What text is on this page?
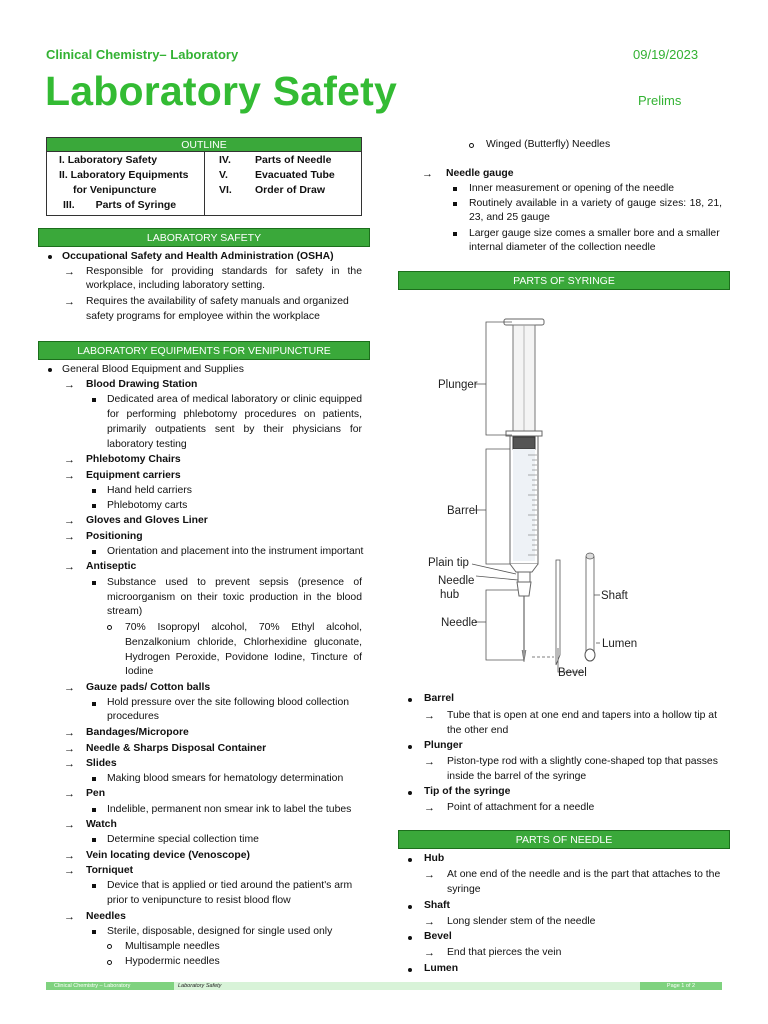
Clinical Chemistry– Laboratory
Laboratory Safety
09/19/2023
Prelims
OUTLINE
I. Laboratory Safety
II. Laboratory Equipments
for Venipuncture
III. Parts of Syringe
IV. Parts of Needle
V.	Evacuated Tube
VI. Order of Draw
LABORATORY SAFETY
LABORATORY EQUIPMENTS FOR VENIPUNCTURE
Occupational Safety and Health Administration (OSHA)
→ Responsible for providing standards for safety in the
workplace, including laboratory setting.
→ Requires the availability of safety manuals and organized
safety programs for employee within the workplace
General Blood Equipment and Supplies
→ Blood Drawing Station
Dedicated area of medical laboratory or clinic equipped
for performing phlebotomy procedures on patients,
primarily outpatients sent by their physicians for
laboratory testing
→ Phlebotomy Chairs
→ Equipment carriers
Hand held carriers
Phlebotomy carts
→ Gloves and Gloves Liner
→ Positioning
Orientation and placement into the instrument important
→ Antiseptic
Substance used to prevent sepsis (presence of
microorganism on their toxic production in the blood
stream)
70% Isopropyl alcohol, 70% Ethyl alcohol,
Benzalkonium chloride, Chlorhexidine gluconate,
Hydrogen Peroxide, Povidone Iodine, Tincture of
Iodine
→ Gauze pads/ Cotton balls
Hold pressure over the site following blood collection
procedures
→ Bandages/Micropore
→ Needle & Sharps Disposal Container
→ Slides
Making blood smears for hematology determination
→ Pen
Indelible, permanent non smear ink to label the tubes
→ Watch
Determine special collection time
→ Vein locating device (Venoscope)
→ Torniquet
Device that is applied or tied around the patient's arm
prior to venipuncture to resist blood flow
→ Needles
Sterile, disposable, designed for single used only
Multisample needles
Hypodermic needles
Winged (Butterfly) Needles
→ Needle gauge
Inner measurement or opening of the needle
Routinely available in a variety of gauge sizes: 18, 21,
23, and 25 gauge
Larger gauge size comes a smaller bore and a smaller
internal diameter of the collection needle
PARTS OF SYRINGE
Plunger
Barrel
Plain tip
Needle
hub
Needle
Shaft
Lumen
Bevel
Barrel
→ Tube that is open at one end and tapers into a hollow tip at
the other end
Plunger
→ Piston-type rod with a slightly cone-shaped top that passes
inside the barrel of the syringe
Tip of the syringe
→ Point of attachment for a needle
PARTS OF NEEDLE
Hub
→ At one end of the needle and is the part that attaches to the
syringe
Shaft
→ Long slender stem of the needle
Bevel
→ End that pierces the vein
Lumen
Clinical Chemistry – Laboratory	Laboratory Safety	Page 1 of 2
